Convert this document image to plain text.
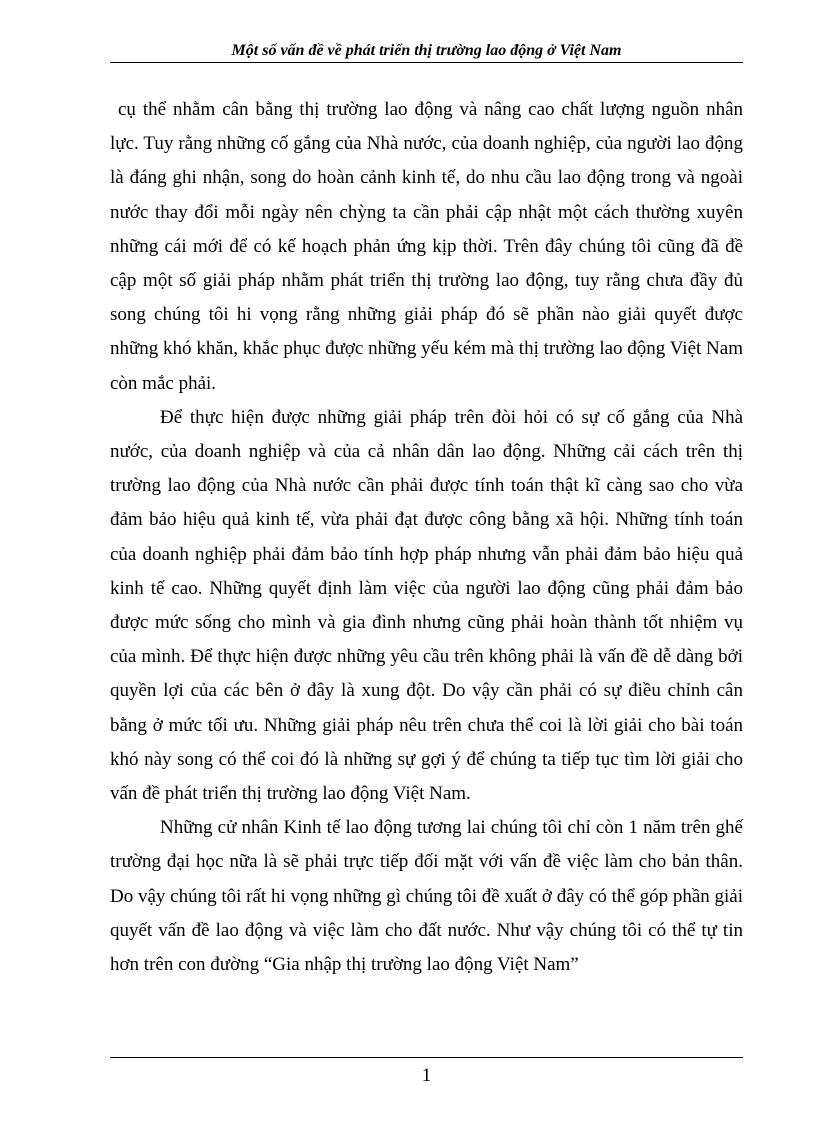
Một số vấn đề về phát triển thị trường lao động ở Việt Nam

cụ thể nhằm cân bằng thị trường lao động và nâng cao chất lượng nguồn nhân lực. Tuy rằng những cố gắng của Nhà nước, của doanh nghiệp, của người lao động là đáng ghi nhận, song do hoàn cảnh kinh tế, do nhu cầu lao động trong và ngoài nước thay đổi mỗi ngày nên chỳng ta cần phải cập nhật một cách thường xuyên những cái mới để có kế hoạch phản ứng kịp thời. Trên đây chúng tôi cũng đã đề cập một số giải pháp nhằm phát triển thị trường lao động, tuy rằng chưa đầy đủ song chúng tôi hi vọng rằng những giải pháp đó sẽ phần nào giải quyết được những khó khăn, khắc phục được những yếu kém mà thị trường lao động Việt Nam còn mắc phải.

Để thực hiện được những giải pháp trên đòi hỏi có sự cố gắng của Nhà nước, của doanh nghiệp và của cả nhân dân lao động. Những cải cách trên thị trường lao động của Nhà nước cần phải được tính toán thật kĩ càng sao cho vừa đảm bảo hiệu quả kinh tế, vừa phải đạt được công bằng xã hội. Những tính toán của doanh nghiệp phải đảm bảo tính hợp pháp nhưng vẫn phải đảm bảo hiệu quả kinh tế cao. Những quyết định làm việc của người lao động cũng phải đảm bảo được mức sống cho mình và gia đình nhưng cũng phải hoàn thành tốt nhiệm vụ của mình. Để thực hiện được những yêu cầu trên không phải là vấn đề dễ dàng bởi quyền lợi của các bên ở đây là xung đột. Do vậy cần phải có sự điều chỉnh cân bằng ở mức tối ưu. Những giải pháp nêu trên chưa thể coi là lời giải cho bài toán khó này song có thể coi đó là những sự gợi ý để chúng ta tiếp tục tìm lời giải cho vấn đề phát triển thị trường lao động Việt Nam.

Những cử nhân Kinh tế lao động tương lai chúng tôi chỉ còn 1 năm trên ghế trường đại học nữa là sẽ phải trực tiếp đối mặt với vấn đề việc làm cho bản thân. Do vậy chúng tôi rất hi vọng những gì chúng tôi đề xuất ở đây có thể góp phần giải quyết vấn đề lao động và việc làm cho đất nước. Như vậy chúng tôi có thể tự tin hơn trên con đường “Gia nhập thị trường lao động Việt Nam”

1
